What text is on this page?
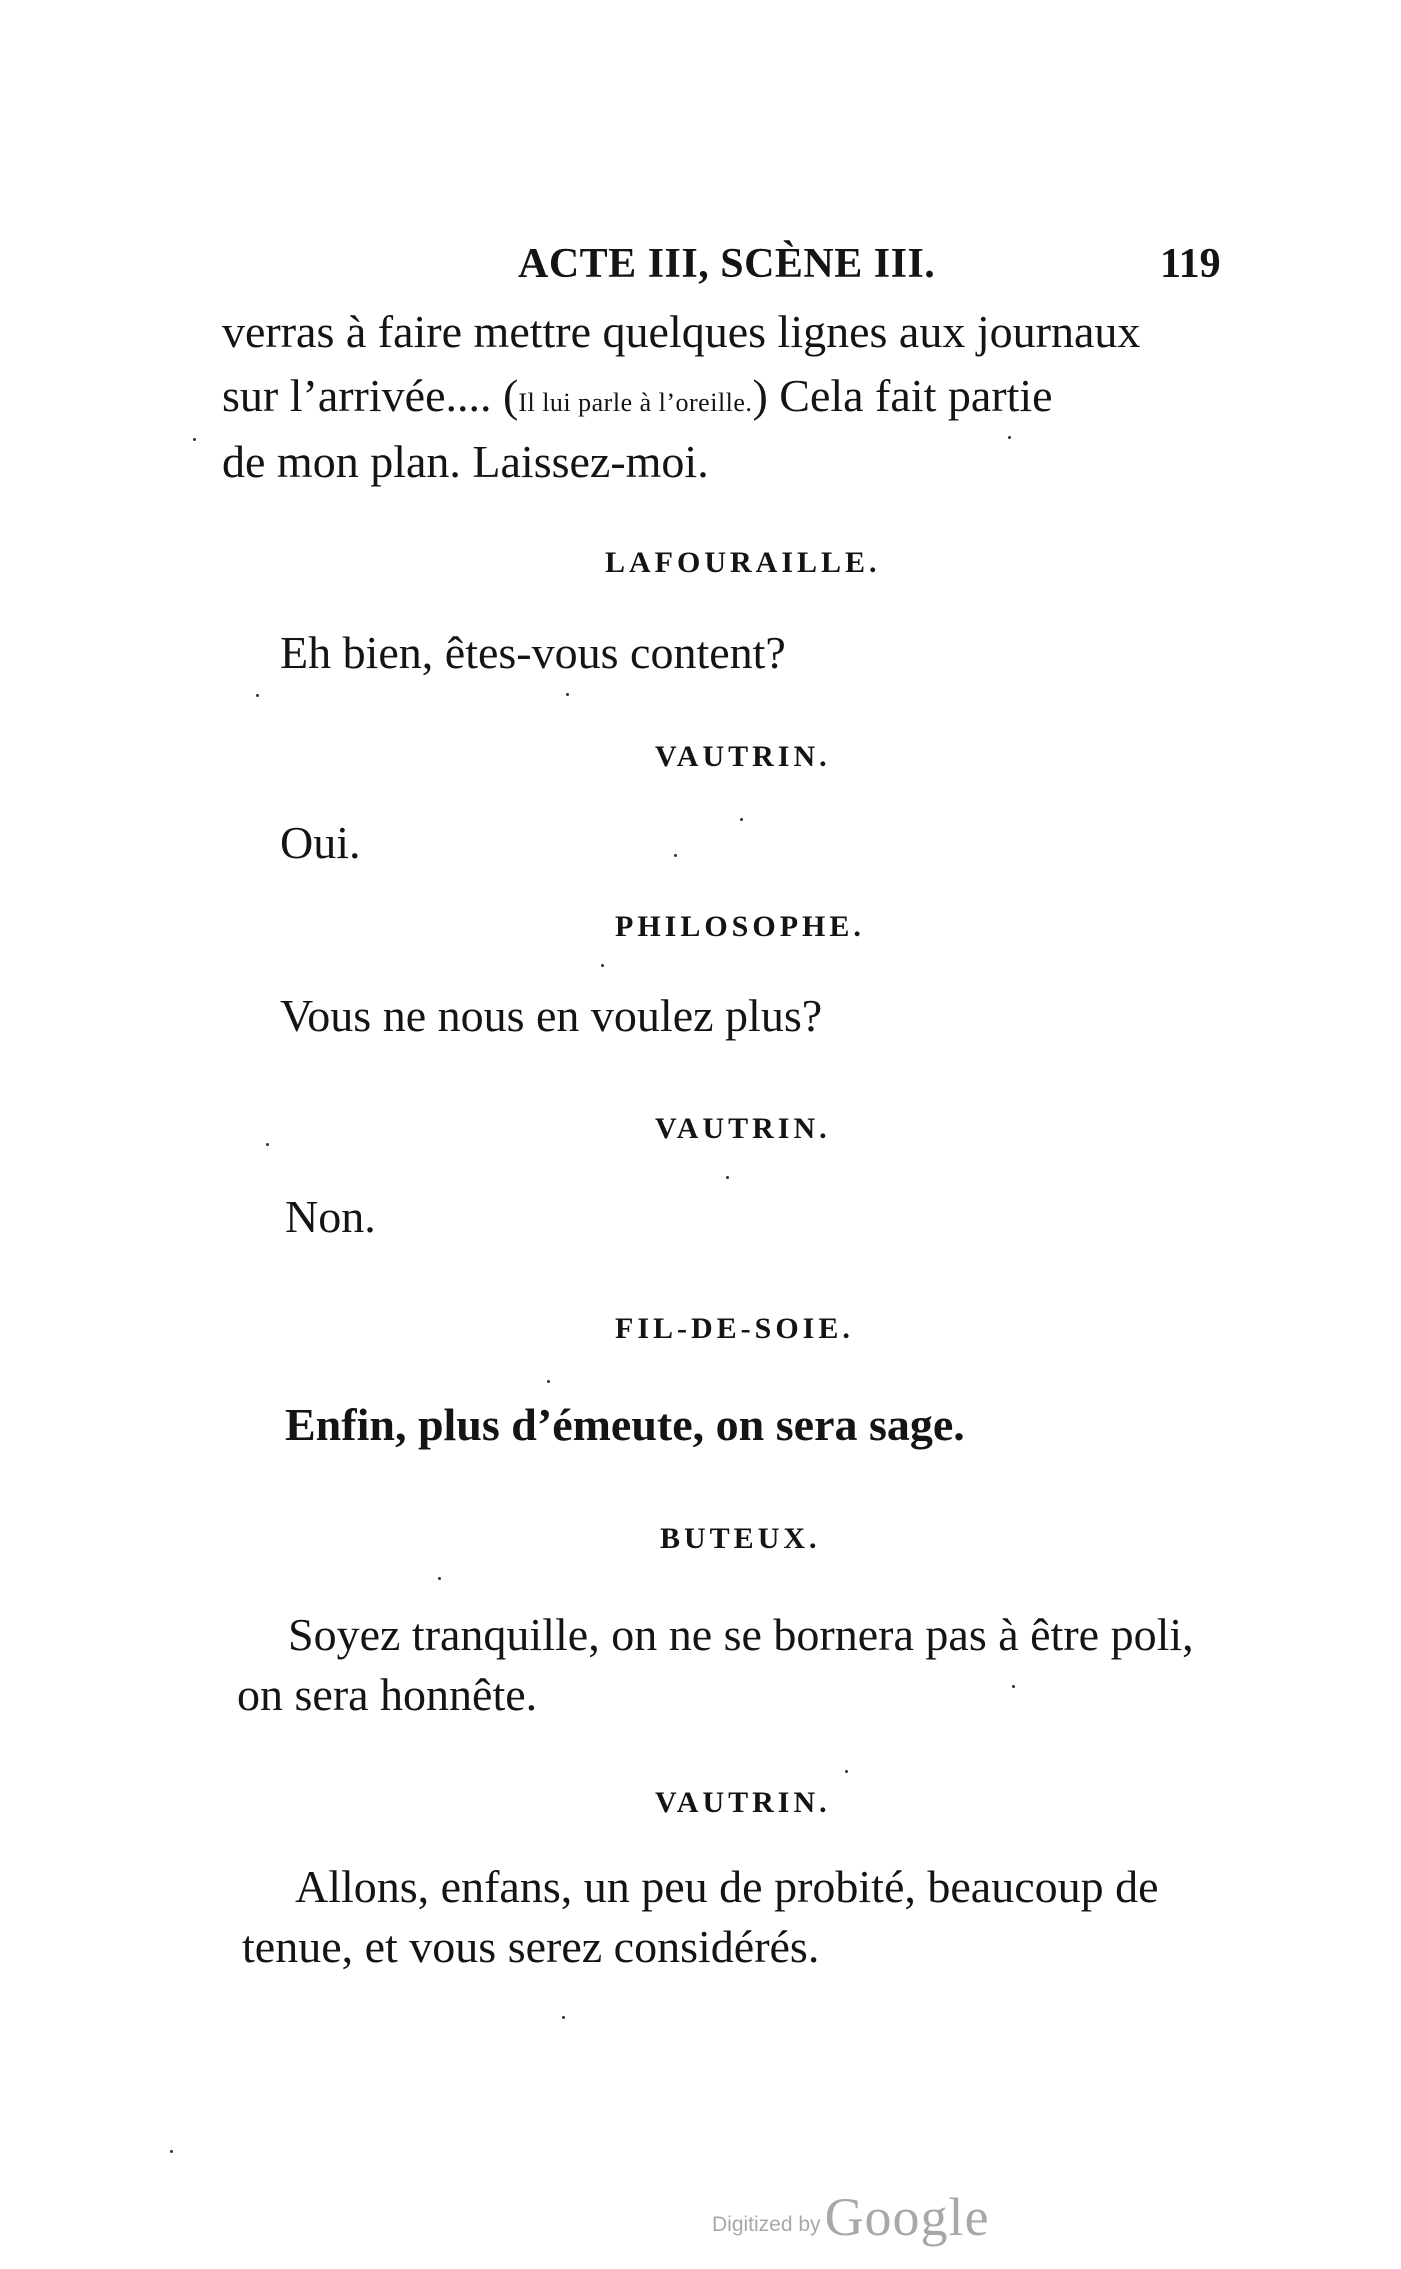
ACTE III, SCÈNE III.	119
verras à faire mettre quelques lignes aux journaux
sur l’arrivée.... (Il lui parle à l’oreille.) Cela fait partie
de mon plan. Laissez-moi.
LAFOURAILLE.
Eh bien, êtes-vous content?
VAUTRIN.
Oui.
PHILOSOPHE.
Vous ne nous en voulez plus?
VAUTRIN.
Non.
FIL-DE-SOIE.
Enfin, plus d’émeute, on sera sage.
BUTEUX.
Soyez tranquille, on ne se bornera pas à être poli,
on sera honnête.
VAUTRIN.
Allons, enfans, un peu de probité, beaucoup de
tenue, et vous serez considérés.
Digitized by Google
